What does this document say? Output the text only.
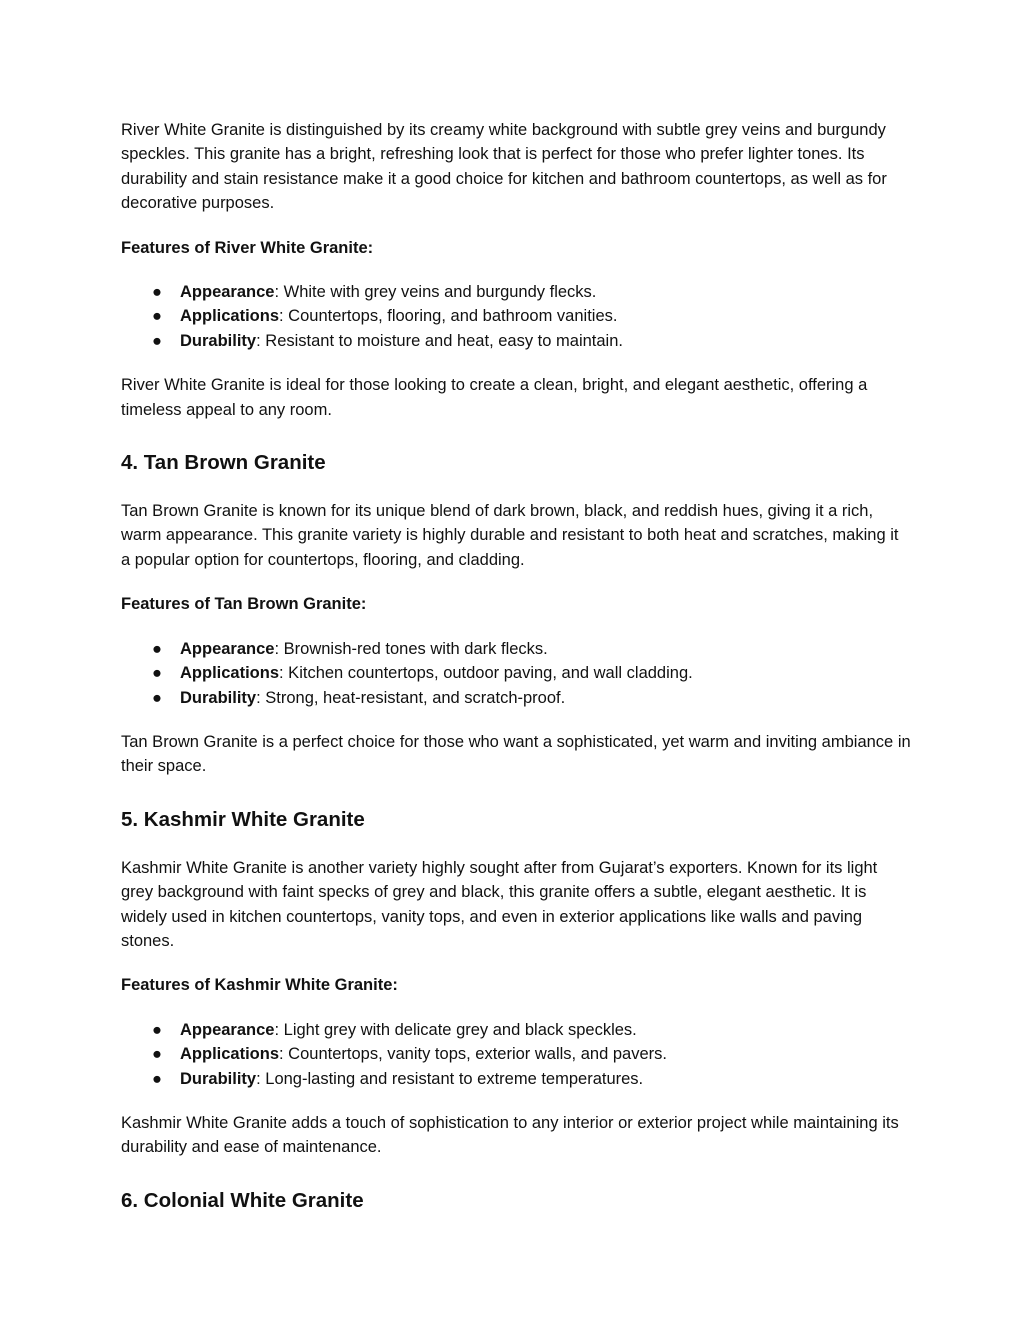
River White Granite is distinguished by its creamy white background with subtle grey veins and burgundy speckles. This granite has a bright, refreshing look that is perfect for those who prefer lighter tones. Its durability and stain resistance make it a good choice for kitchen and bathroom countertops, as well as for decorative purposes.

Features of River White Granite:

● Appearance: White with grey veins and burgundy flecks.
● Applications: Countertops, flooring, and bathroom vanities.
● Durability: Resistant to moisture and heat, easy to maintain.

River White Granite is ideal for those looking to create a clean, bright, and elegant aesthetic, offering a timeless appeal to any room.

4. Tan Brown Granite

Tan Brown Granite is known for its unique blend of dark brown, black, and reddish hues, giving it a rich, warm appearance. This granite variety is highly durable and resistant to both heat and scratches, making it a popular option for countertops, flooring, and cladding.

Features of Tan Brown Granite:

● Appearance: Brownish-red tones with dark flecks.
● Applications: Kitchen countertops, outdoor paving, and wall cladding.
● Durability: Strong, heat-resistant, and scratch-proof.

Tan Brown Granite is a perfect choice for those who want a sophisticated, yet warm and inviting ambiance in their space.

5. Kashmir White Granite

Kashmir White Granite is another variety highly sought after from Gujarat’s exporters. Known for its light grey background with faint specks of grey and black, this granite offers a subtle, elegant aesthetic. It is widely used in kitchen countertops, vanity tops, and even in exterior applications like walls and paving stones.

Features of Kashmir White Granite:

● Appearance: Light grey with delicate grey and black speckles.
● Applications: Countertops, vanity tops, exterior walls, and pavers.
● Durability: Long-lasting and resistant to extreme temperatures.

Kashmir White Granite adds a touch of sophistication to any interior or exterior project while maintaining its durability and ease of maintenance.

6. Colonial White Granite
